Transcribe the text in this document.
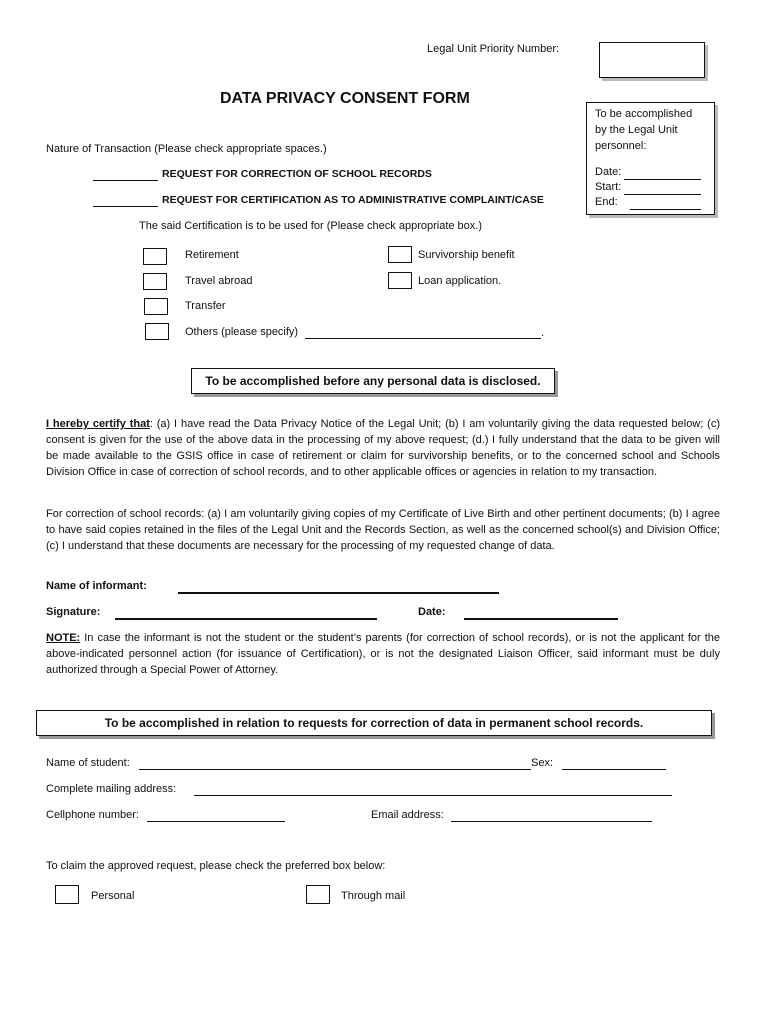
Legal Unit Priority Number:
DATA PRIVACY CONSENT FORM
To be accomplished
by the Legal Unit
personnel:
Date:
Start:
End:
Nature of Transaction (Please check appropriate spaces.)
REQUEST FOR CORRECTION OF SCHOOL RECORDS
REQUEST FOR CERTIFICATION AS TO ADMINISTRATIVE COMPLAINT/CASE
The said Certification is to be used for (Please check appropriate box.)
Retirement
Travel abroad
Transfer
Others (please specify)	.
Survivorship benefit
Loan application.
To be accomplished before any personal data is disclosed.
I hereby certify that: (a) I have read the Data Privacy Notice of the Legal Unit; (b) I am voluntarily giving the data requested below; (c) consent is given for the use of the above data in the processing of my above request; (d.) I fully understand that the data to be given will be made available to the GSIS office in case of retirement or claim for survivorship benefits, or to the concerned school and Schools Division Office in case of correction of school records, and to other applicable offices or agencies in relation to my transaction.
For correction of school records: (a) I am voluntarily giving copies of my Certificate of Live Birth and other pertinent documents; (b) I agree to have said copies retained in the files of the Legal Unit and the Records Section, as well as the concerned school(s) and Division Office; (c) I understand that these documents are necessary for the processing of my requested change of data.
Name of informant:
Signature:	Date:
NOTE: In case the informant is not the student or the student’s parents (for correction of school records), or is not the applicant for the above-indicated personnel action (for issuance of Certification), or is not the designated Liaison Officer, said informant must be duly authorized through a Special Power of Attorney.
To be accomplished in relation to requests for correction of data in permanent school records.
Name of student:	Sex:
Complete mailing address:
Cellphone number:	Email address:
To claim the approved request, please check the preferred box below:
Personal	Through mail
